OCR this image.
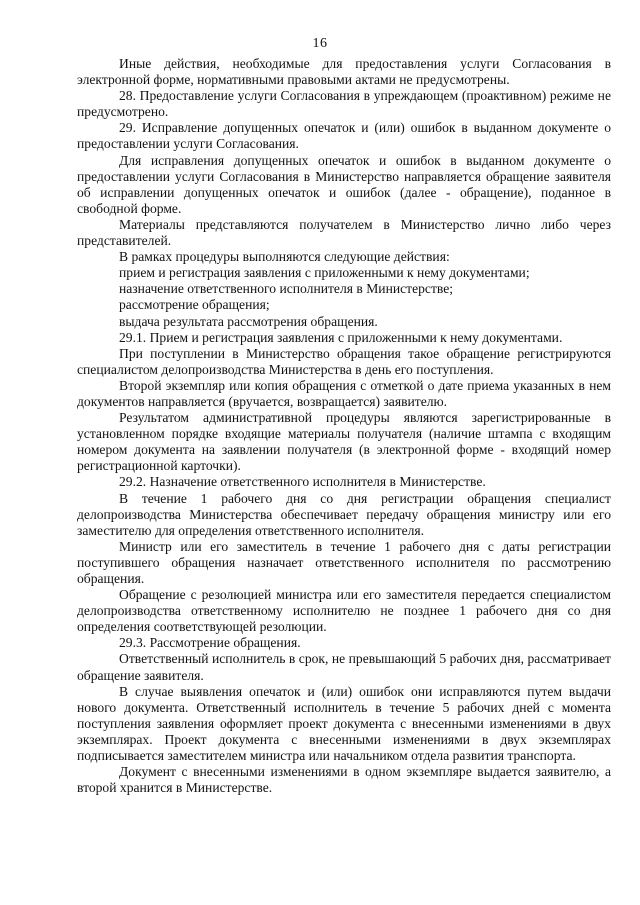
16

Иные действия, необходимые для предоставления услуги Согласования в электронной форме, нормативными правовыми актами не предусмотрены.

28. Предоставление услуги Согласования в упреждающем (проактивном) режиме не предусмотрено.

29. Исправление допущенных опечаток и (или) ошибок в выданном документе о предоставлении услуги Согласования.

Для исправления допущенных опечаток и ошибок в выданном документе о предоставлении услуги Согласования в Министерство направляется обращение заявителя об исправлении допущенных опечаток и ошибок (далее - обращение), поданное в свободной форме.

Материалы представляются получателем в Министерство лично либо через представителей.

В рамках процедуры выполняются следующие действия:

прием и регистрация заявления с приложенными к нему документами;

назначение ответственного исполнителя в Министерстве;

рассмотрение обращения;

выдача результата рассмотрения обращения.

29.1. Прием и регистрация заявления с приложенными к нему документами.

При поступлении в Министерство обращения такое обращение регистрируются специалистом делопроизводства Министерства в день его поступления.

Второй экземпляр или копия обращения с отметкой о дате приема указанных в нем документов направляется (вручается, возвращается) заявителю.

Результатом административной процедуры являются зарегистрированные в установленном порядке входящие материалы получателя (наличие штампа с входящим номером документа на заявлении получателя (в электронной форме - входящий номер регистрационной карточки).

29.2. Назначение ответственного исполнителя в Министерстве.

В течение 1 рабочего дня со дня регистрации обращения специалист делопроизводства Министерства обеспечивает передачу обращения министру или его заместителю для определения ответственного исполнителя.

Министр или его заместитель в течение 1 рабочего дня с даты регистрации поступившего обращения назначает ответственного исполнителя по рассмотрению обращения.

Обращение с резолюцией министра или его заместителя передается специалистом делопроизводства ответственному исполнителю не позднее 1 рабочего дня со дня определения соответствующей резолюции.

29.3. Рассмотрение обращения.

Ответственный исполнитель в срок, не превышающий 5 рабочих дня, рассматривает обращение заявителя.

В случае выявления опечаток и (или) ошибок они исправляются путем выдачи нового документа. Ответственный исполнитель в течение 5 рабочих дней с момента поступления заявления оформляет проект документа с внесенными изменениями в двух экземплярах. Проект документа с внесенными изменениями в двух экземплярах подписывается заместителем министра или начальником отдела развития транспорта.

Документ с внесенными изменениями в одном экземпляре выдается заявителю, а второй хранится в Министерстве.
